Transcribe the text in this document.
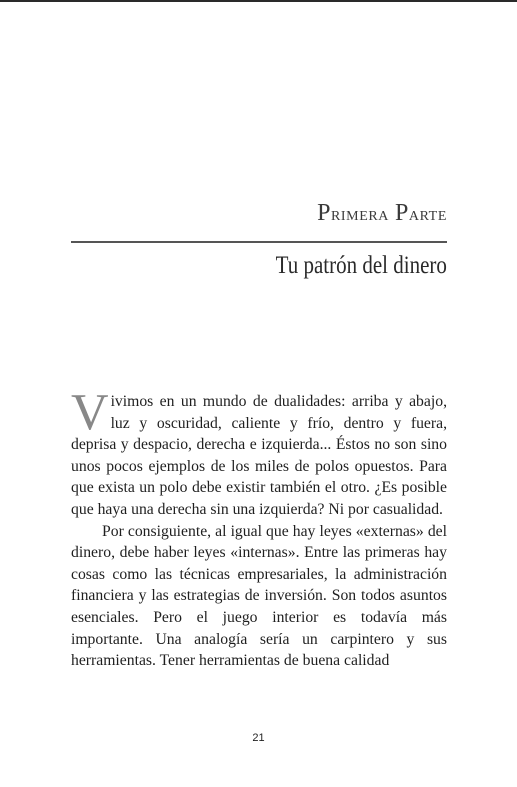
PRIMERA PARTE
Tu patrón del dinero

Vivimos en un mundo de dualidades: arriba y abajo, luz y oscuridad, caliente y frío, dentro y fuera, deprisa y despacio, derecha e izquierda... Éstos no son sino unos pocos ejemplos de los miles de polos opuestos. Para que exista un polo debe existir también el otro. ¿Es posible que haya una derecha sin una izquierda? Ni por casualidad.

Por consiguiente, al igual que hay leyes «externas» del dinero, debe haber leyes «internas». Entre las primeras hay cosas como las técnicas empresariales, la administración financiera y las estrategias de inversión. Son todos asuntos esenciales. Pero el juego interior es todavía más importante. Una analogía sería un carpintero y sus herramientas. Tener herramientas de buena calidad

21
